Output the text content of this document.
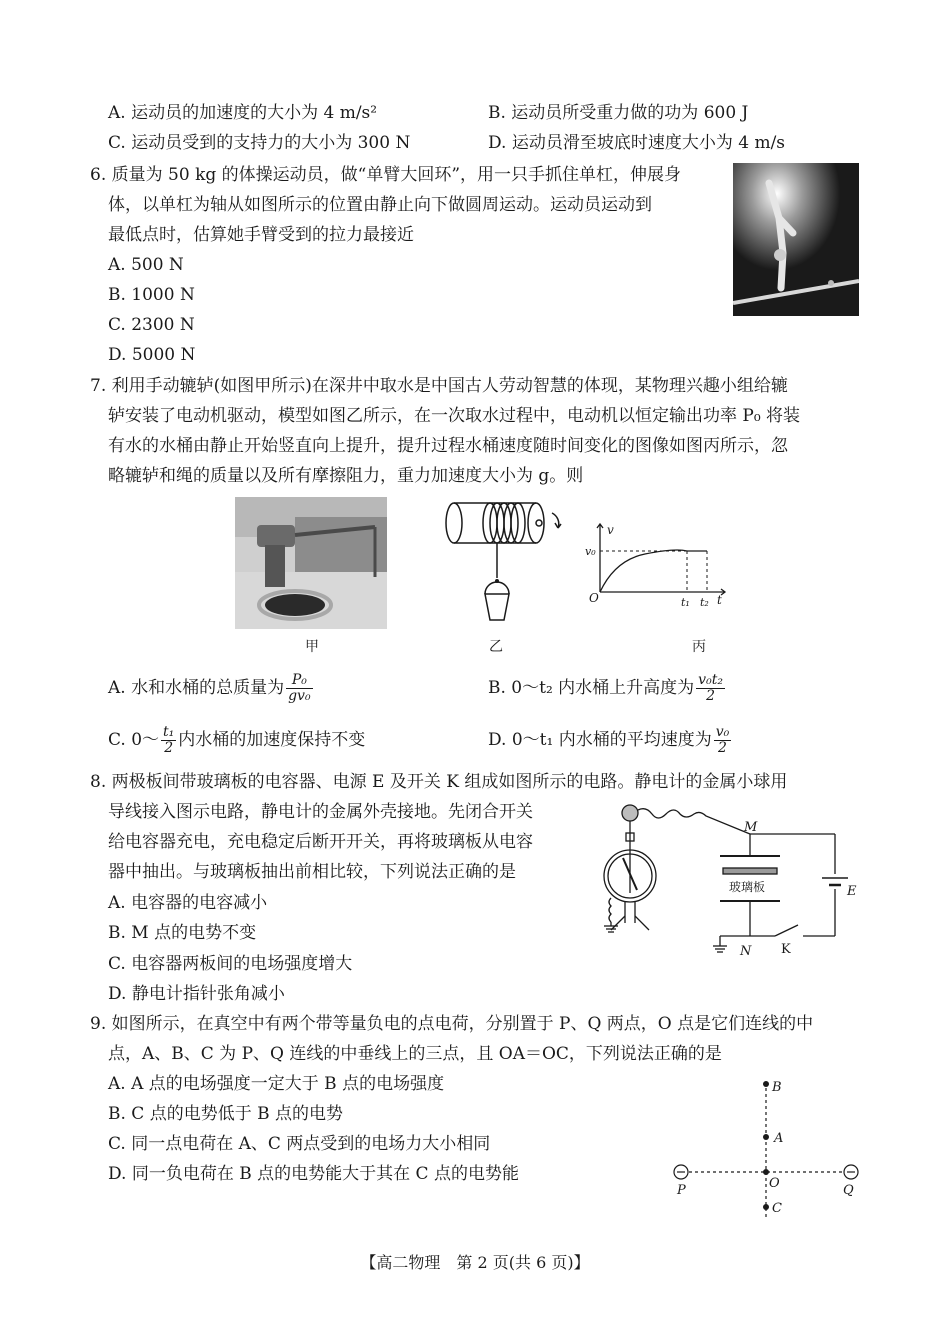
A. 运动员的加速度的大小为 4 m/s²	B. 运动员所受重力做的功为 600 J
C. 运动员受到的支持力的大小为 300 N	D. 运动员滑至坡底时速度大小为 4 m/s
6. 质量为 50 kg 的体操运动员，做“单臂大回环”，用一只手抓住单杠，伸展身
体，以单杠为轴从如图所示的位置由静止向下做圆周运动。运动员运动到
最低点时，估算她手臂受到的拉力最接近
A. 500 N
B. 1000 N
C. 2300 N
D. 5000 N
7. 利用手动辘轳(如图甲所示)在深井中取水是中国古人劳动智慧的体现，某物理兴趣小组给辘
轳安装了电动机驱动，模型如图乙所示，在一次取水过程中，电动机以恒定输出功率 P₀ 将装
有水的水桶由静止开始竖直向上提升，提升过程水桶速度随时间变化的图像如图丙所示，忽
略辘轳和绳的质量以及所有摩擦阻力，重力加速度大小为 g。则
甲	乙
v
v₀
O	t₁ t₂ t
丙
A. 水和水桶的总质量为 $\frac{\text{P₀}}{\text{gv₀}}$	B. 0～t₂ 内水桶上升高度为 $\frac{\text{v₀t₂}}{2}$
C. 0～ $\frac{\text{t₁}}{2}$ 内水桶的加速度保持不变	D. 0～t₁ 内水桶的平均速度为 $\frac{\text{v₀}}{2}$
8. 两极板间带玻璃板的电容器、电源 E 及开关 K 组成如图所示的电路。静电计的金属小球用
导线接入图示电路，静电计的金属外壳接地。先闭合开关
给电容器充电，充电稳定后断开开关，再将玻璃板从电容
器中抽出。与玻璃板抽出前相比较，下列说法正确的是
A. 电容器的电容减小
B. M 点的电势不变
C. 电容器两板间的电场强度增大
D. 静电计指针张角减小
M
玻璃板	E
N K
9. 如图所示，在真空中有两个带等量负电的点电荷，分别置于 P、Q 两点，O 点是它们连线的中
点，A、B、C 为 P、Q 连线的中垂线上的三点，且 OA＝OC，下列说法正确的是
A. A 点的电场强度一定大于 B 点的电场强度
B. C 点的电势低于 B 点的电势
C. 同一点电荷在 A、C 两点受到的电场力大小相同
D. 同一负电荷在 B 点的电势能大于其在 C 点的电势能
B
A
O
C
P	Q
【高二物理　第 2 页(共 6 页)】
